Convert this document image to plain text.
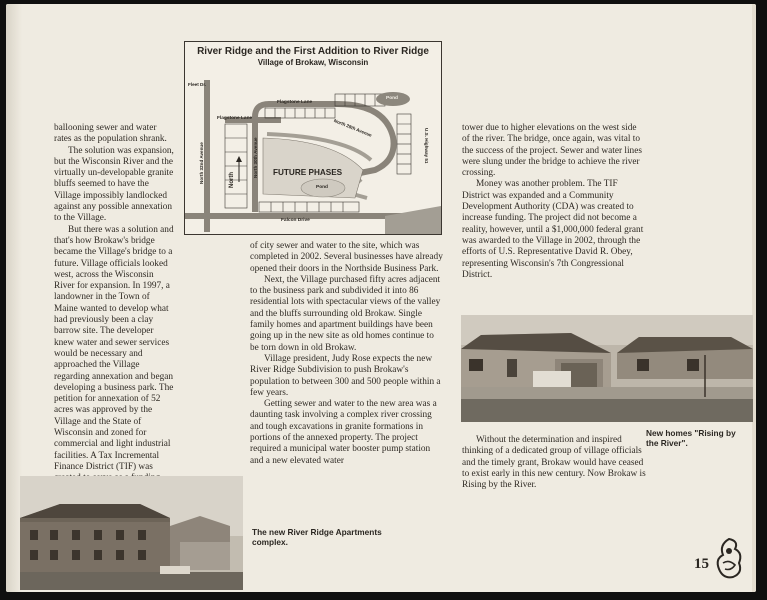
River Ridge and the First Addition to River Ridge
Village of Brokaw, Wisconsin
Fleet Dr.
Flagstone Lane
Flagstone Lane
Pond
North 28th Avenue
North 32nd Avenue	North 30th Avenue
North	FUTURE PHASES
Pond
Falcon Drive
U.S. Highway 51

ballooning sewer and water rates as the population shrank.

The solution was expansion, but the Wisconsin River and the virtually un-developable granite bluffs seemed to have the Village impossibly landlocked against any possible annexation to the Village.

But there was a solution and that's how Brokaw's bridge became the Village's bridge to a future. Village officials looked west, across the Wisconsin River for expansion. In 1997, a landowner in the Town of Maine wanted to develop what had previously been a clay barrow site. The developer knew water and sewer services would be necessary and approached the Village regarding annexation and began developing a business park. The petition for annexation of 52 acres was approved by the Village and the State of Wisconsin and zoned for commercial and light industrial facilities. A Tax Incremental Finance District (TIF) was

of city sewer and water to the site, which was completed in 2002. Several businesses have already opened their doors in the Northside Business Park.

Next, the Village purchased fifty acres adjacent to the business park and subdivided it into 86 residential lots with spectacular views of the valley and the bluffs surrounding old Brokaw. Single family homes and apartment buildings have been going up in the new site as old homes continue to be torn down in old Brokaw.

Village president, Judy Rose expects the new River Ridge Subdivision to push Brokaw's population to between 300 and 500 people within a few years.

Getting sewer and water to the new area was a daunting task involving a complex river crossing and tough excavations in granite formations in portions of the annexed property. The project required a municipal water booster pump station and a new elevated water

tower due to higher elevations on the west side of the river. The bridge, once again, was vital to the success of the project. Sewer and water lines were slung under the bridge to achieve the river crossing.

Money was another problem. The TIF District was expanded and a Community Development Authority (CDA) was created to increase funding. The project did not become a reality, however, until a $1,000,000 federal grant was awarded to the Village in 2002, through the efforts of U.S. Representative David R. Obey, representing Wisconsin's 7th Congressional District.

Without the determination and inspired thinking of a dedicated group of village officials and the timely grant, Brokaw would have ceased to exist early in this new century. Now Brokaw is Rising by the River.

The new River Ridge Apartments complex.
New homes "Rising by the River".
15
